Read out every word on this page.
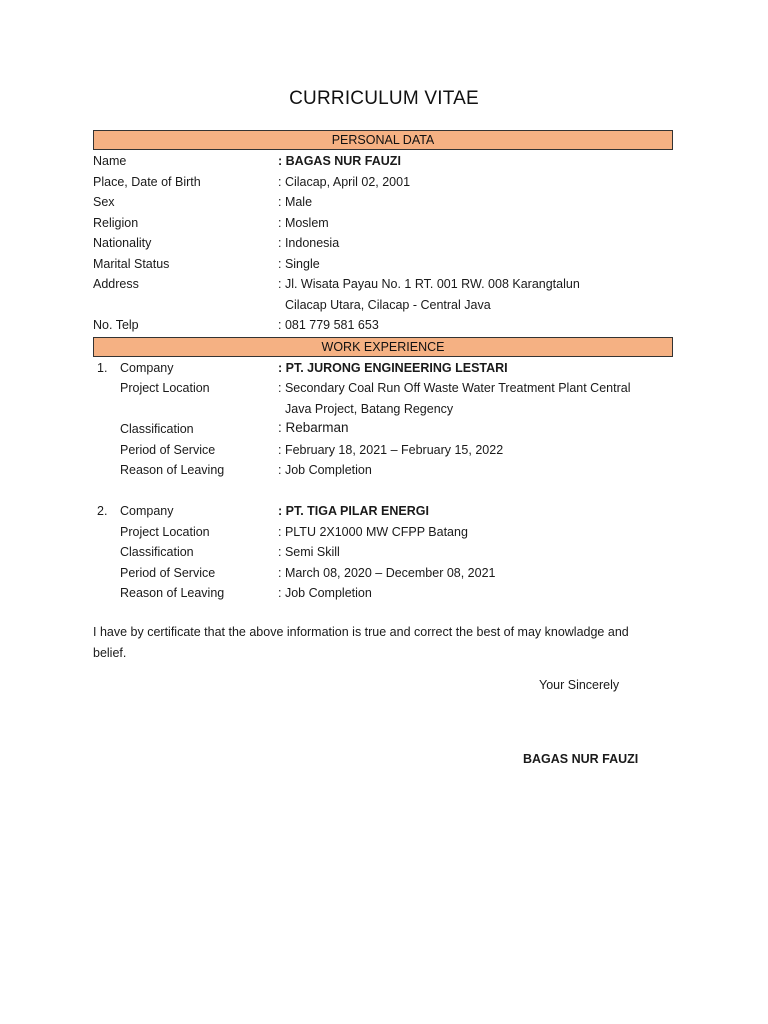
CURRICULUM VITAE
PERSONAL DATA
Name	: BAGAS NUR FAUZI
Place, Date of Birth	: Cilacap, April 02, 2001
Sex	: Male
Religion	: Moslem
Nationality	: Indonesia
Marital Status	: Single
Address	: Jl. Wisata Payau No. 1 RT. 001 RW. 008 Karangtalun
Cilacap Utara, Cilacap - Central Java
No. Telp	: 081 779 581 653
WORK EXPERIENCE
1. Company	: PT. JURONG ENGINEERING LESTARI
Project Location	: Secondary Coal Run Off Waste Water Treatment Plant Central
Java Project, Batang Regency
Classification	: Rebarman
Period of Service	: February 18, 2021 – February 15, 2022
Reason of Leaving	: Job Completion
2. Company	: PT. TIGA PILAR ENERGI
Project Location	: PLTU 2X1000 MW CFPP Batang
Classification	: Semi Skill
Period of Service	: March 08, 2020 – December 08, 2021
Reason of Leaving	: Job Completion
I have by certificate that the above information is true and correct the best of may knowladge and belief.
Your Sincerely
BAGAS NUR FAUZI
